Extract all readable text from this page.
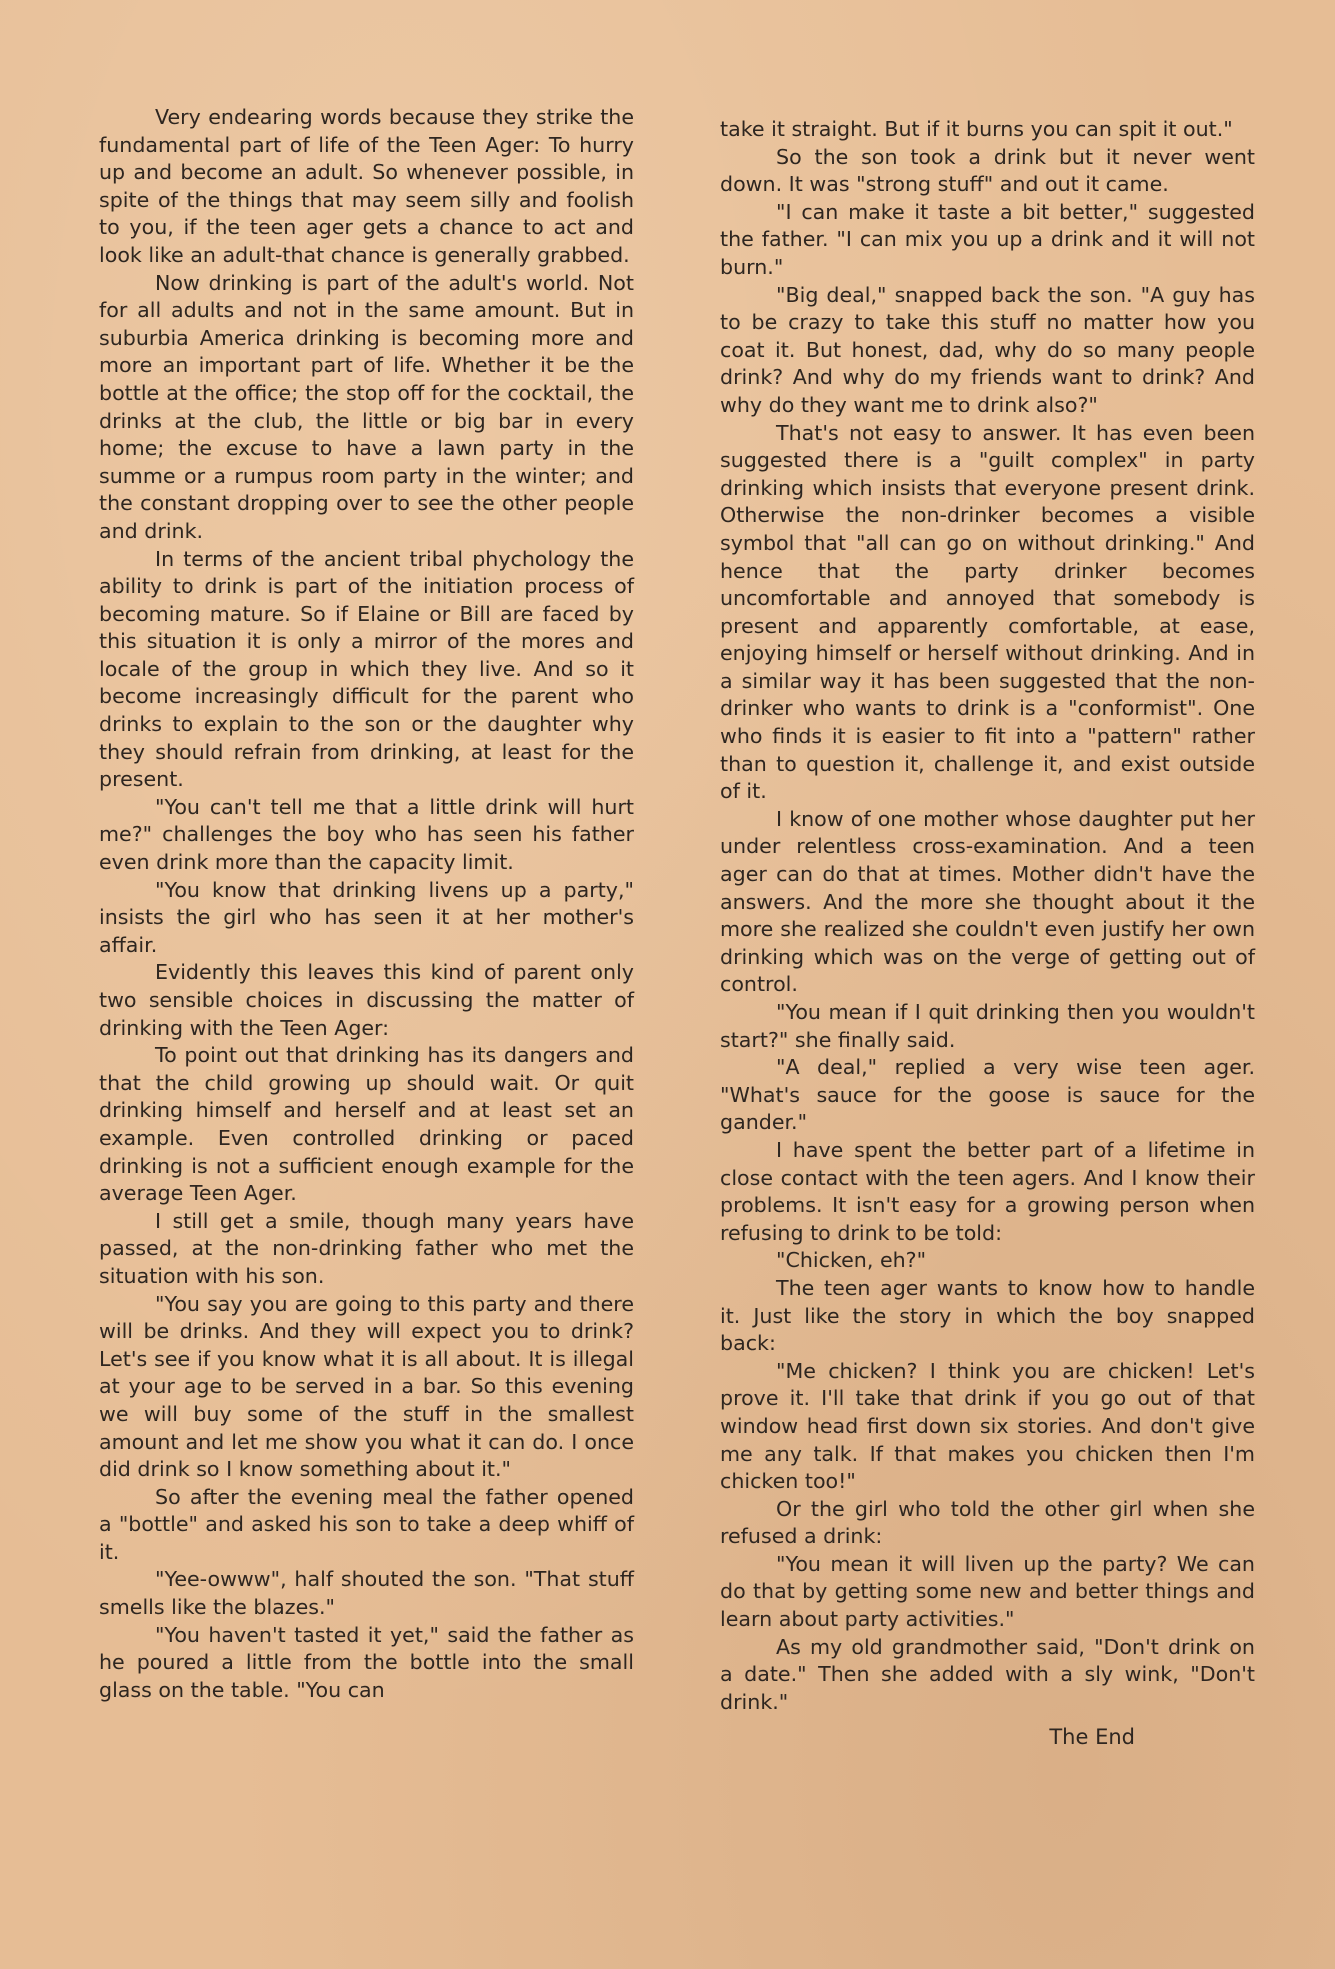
Very endearing words because they strike the fundamental part of life of the Teen Ager: To hurry up and become an adult. So whenever possible, in spite of the things that may seem silly and foolish to you, if the teen ager gets a chance to act and look like an adult-that chance is generally grabbed.

Now drinking is part of the adult's world. Not for all adults and not in the same amount. But in suburbia America drinking is becoming more and more an important part of life. Whether it be the bottle at the office; the stop off for the cocktail, the drinks at the club, the little or big bar in every home; the excuse to have a lawn party in the summe or a rumpus room party in the winter; and the constant dropping over to see the other people and drink.

In terms of the ancient tribal phychology the ability to drink is part of the initiation process of becoming mature. So if Elaine or Bill are faced by this situation it is only a mirror of the mores and locale of the group in which they live. And so it become increasingly difficult for the parent who drinks to explain to the son or the daughter why they should refrain from drinking, at least for the present.

"You can't tell me that a little drink will hurt me?" challenges the boy who has seen his father even drink more than the capacity limit.

"You know that drinking livens up a party," insists the girl who has seen it at her mother's affair.

Evidently this leaves this kind of parent only two sensible choices in discussing the matter of drinking with the Teen Ager:

To point out that drinking has its dangers and that the child growing up should wait. Or quit drinking himself and herself and at least set an example. Even controlled drinking or paced drinking is not a sufficient enough example for the average Teen Ager.

I still get a smile, though many years have passed, at the non-drinking father who met the situation with his son.

"You say you are going to this party and there will be drinks. And they will expect you to drink? Let's see if you know what it is all about. It is illegal at your age to be served in a bar. So this evening we will buy some of the stuff in the smallest amount and let me show you what it can do. I once did drink so I know something about it."

So after the evening meal the father opened a "bottle" and asked his son to take a deep whiff of it.

"Yee-owww", half shouted the son. "That stuff smells like the blazes."

"You haven't tasted it yet," said the father as he poured a little from the bottle into the small glass on the table. "You can

take it straight. But if it burns you can spit it out."

So the son took a drink but it never went down. It was "strong stuff" and out it came.

"I can make it taste a bit better," suggested the father. "I can mix you up a drink and it will not burn."

"Big deal," snapped back the son. "A guy has to be crazy to take this stuff no matter how you coat it. But honest, dad, why do so many people drink? And why do my friends want to drink? And why do they want me to drink also?"

That's not easy to answer. It has even been suggested there is a "guilt complex" in party drinking which insists that everyone present drink. Otherwise the non-drinker becomes a visible symbol that "all can go on without drinking." And hence that the party drinker becomes uncomfortable and annoyed that somebody is present and apparently comfortable, at ease, enjoying himself or herself without drinking. And in a similar way it has been suggested that the non-drinker who wants to drink is a "conformist". One who finds it is easier to fit into a "pattern" rather than to question it, challenge it, and exist outside of it.

I know of one mother whose daughter put her under relentless cross-examination. And a teen ager can do that at times. Mother didn't have the answers. And the more she thought about it the more she realized she couldn't even justify her own drinking which was on the verge of getting out of control.

"You mean if I quit drinking then you wouldn't start?" she finally said.

"A deal," replied a very wise teen ager. "What's sauce for the goose is sauce for the gander."

I have spent the better part of a lifetime in close contact with the teen agers. And I know their problems. It isn't easy for a growing person when refusing to drink to be told:

"Chicken, eh?"

The teen ager wants to know how to handle it. Just like the story in which the boy snapped back:

"Me chicken? I think you are chicken! Let's prove it. I'll take that drink if you go out of that window head first down six stories. And don't give me any talk. If that makes you chicken then I'm chicken too!"

Or the girl who told the other girl when she refused a drink:

"You mean it will liven up the party? We can do that by getting some new and better things and learn about party activities."

As my old grandmother said, "Don't drink on a date." Then she added with a sly wink, "Don't drink."

The End
